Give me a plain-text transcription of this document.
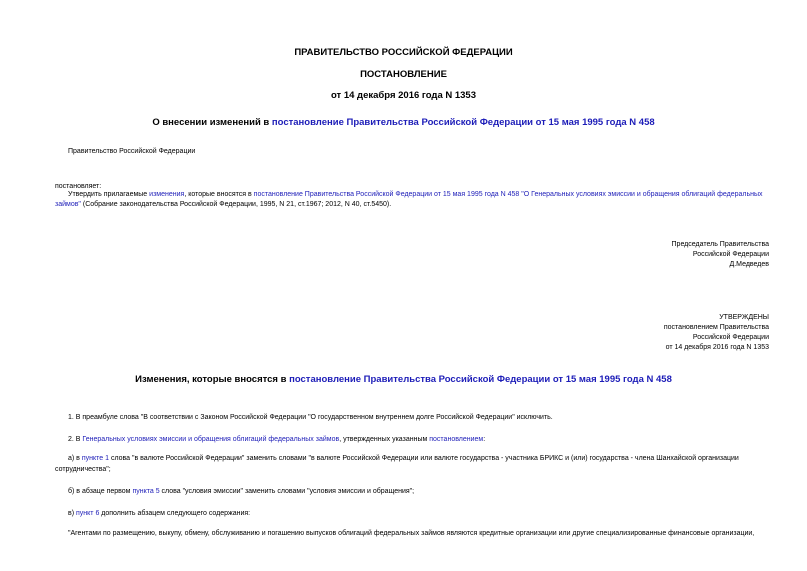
ПРАВИТЕЛЬСТВО РОССИЙСКОЙ ФЕДЕРАЦИИ
ПОСТАНОВЛЕНИЕ
от 14 декабря 2016 года N 1353
О внесении изменений в постановление Правительства Российской Федерации от 15 мая 1995 года N 458
Правительство Российской Федерации
постановляет:
Утвердить прилагаемые изменения, которые вносятся в постановление Правительства Российской Федерации от 15 мая 1995 года N 458 "О Генеральных условиях эмиссии и обращения облигаций федеральных займов" (Собрание законодательства Российской Федерации, 1995, N 21, ст.1967; 2012, N 40, ст.5450).
Председатель Правительства
Российской Федерации
Д.Медведев
УТВЕРЖДЕНЫ
постановлением Правительства
Российской Федерации
от 14 декабря 2016 года N 1353
Изменения, которые вносятся в постановление Правительства Российской Федерации от 15 мая 1995 года N 458
1. В преамбуле слова "В соответствии с Законом Российской Федерации "О государственном внутреннем долге Российской Федерации" исключить.
2. В Генеральных условиях эмиссии и обращения облигаций федеральных займов, утвержденных указанным постановлением:
а) в пункте 1 слова "в валюте Российской Федерации" заменить словами "в валюте Российской Федерации или валюте государства - участника БРИКС и (или) государства - члена Шанхайской организации сотрудничества";
б) в абзаце первом пункта 5 слова "условия эмиссии" заменить словами "условия эмиссии и обращения";
в) пункт 6 дополнить абзацем следующего содержания:
"Агентами по размещению, выкупу, обмену, обслуживанию и погашению выпусков облигаций федеральных займов являются кредитные организации или другие специализированные финансовые организации,
